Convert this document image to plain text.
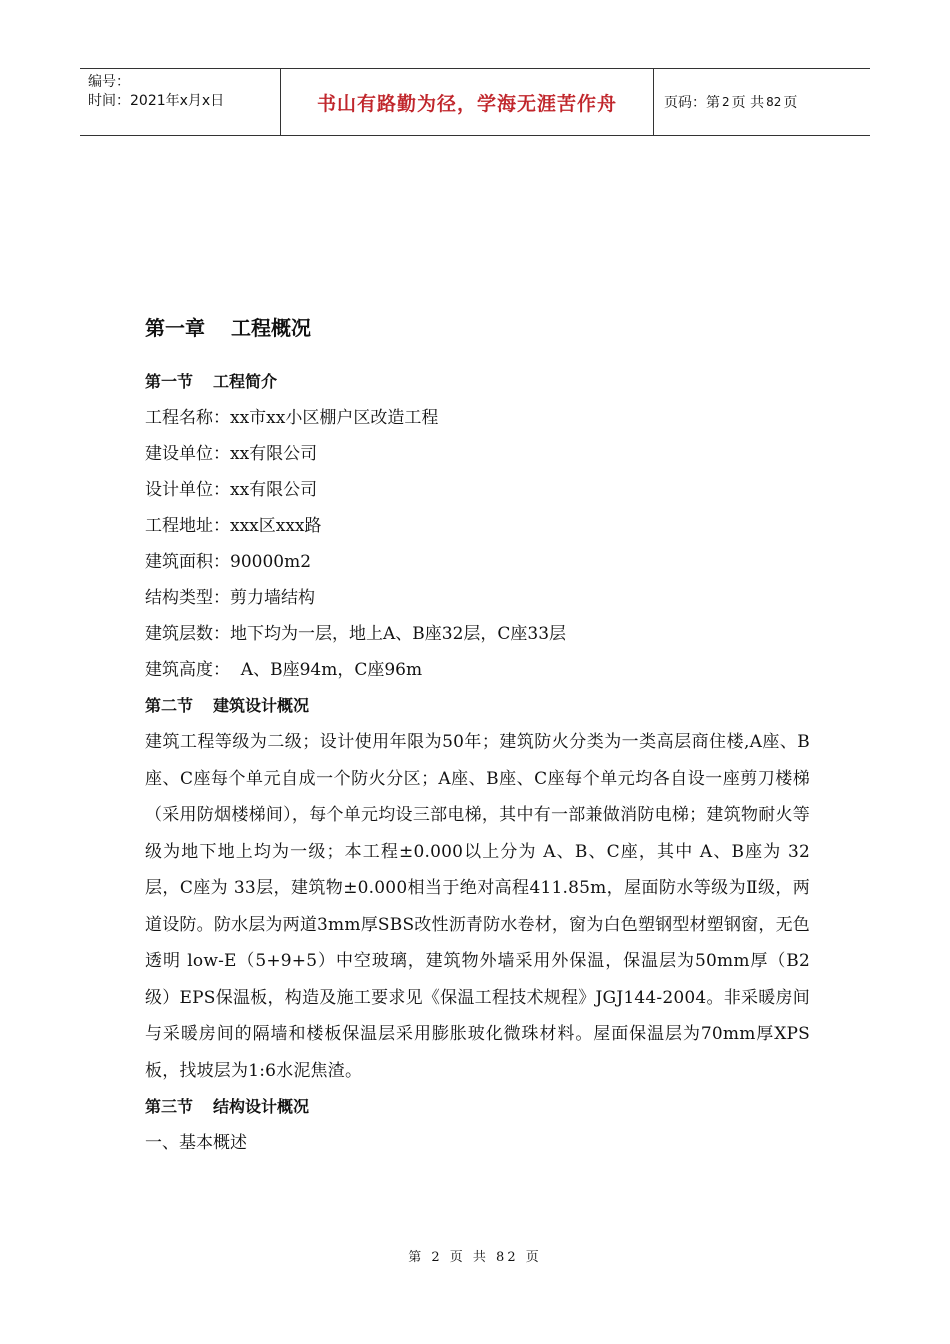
编号：
时间：2021年x月x日	书山有路勤为径，学海无涯苦作舟	页码：第 2 页 共 82 页
第一章 工程概况
第一节 工程简介
工程名称：xx市xx小区棚户区改造工程
建设单位：xx有限公司
设计单位：xx有限公司
工程地址：xxx区xxx路
建筑面积：90000m2
结构类型：剪力墙结构
建筑层数：地下均为一层，地上A、B座32层，C座33层
建筑高度：  A、B座94m，C座96m
第二节 建筑设计概况
建筑工程等级为二级；设计使用年限为50年；建筑防火分类为一类高层商住楼,A座、B座、C座每个单元自成一个防火分区；A座、B座、C座每个单元均各自设一座剪刀楼梯（采用防烟楼梯间），每个单元均设三部电梯，其中有一部兼做消防电梯；建筑物耐火等级为地下地上均为一级；本工程±0.000以上分为 A、B、C座，其中 A、B座为 32层，C座为 33层，建筑物±0.000相当于绝对高程411.85m，屋面防水等级为Ⅱ级，两道设防。防水层为两道3mm厚SBS改性沥青防水卷材，窗为白色塑钢型材塑钢窗，无色透明 low-E（5+9+5）中空玻璃，建筑物外墙采用外保温，保温层为50mm厚（B2级）EPS保温板，构造及施工要求见《保温工程技术规程》JGJ144-2004。非采暖房间与采暖房间的隔墙和楼板保温层采用膨胀玻化微珠材料。屋面保温层为70mm厚XPS板，找坡层为1:6水泥焦渣。
第三节 结构设计概况
一、基本概述
第 2 页 共 82 页
